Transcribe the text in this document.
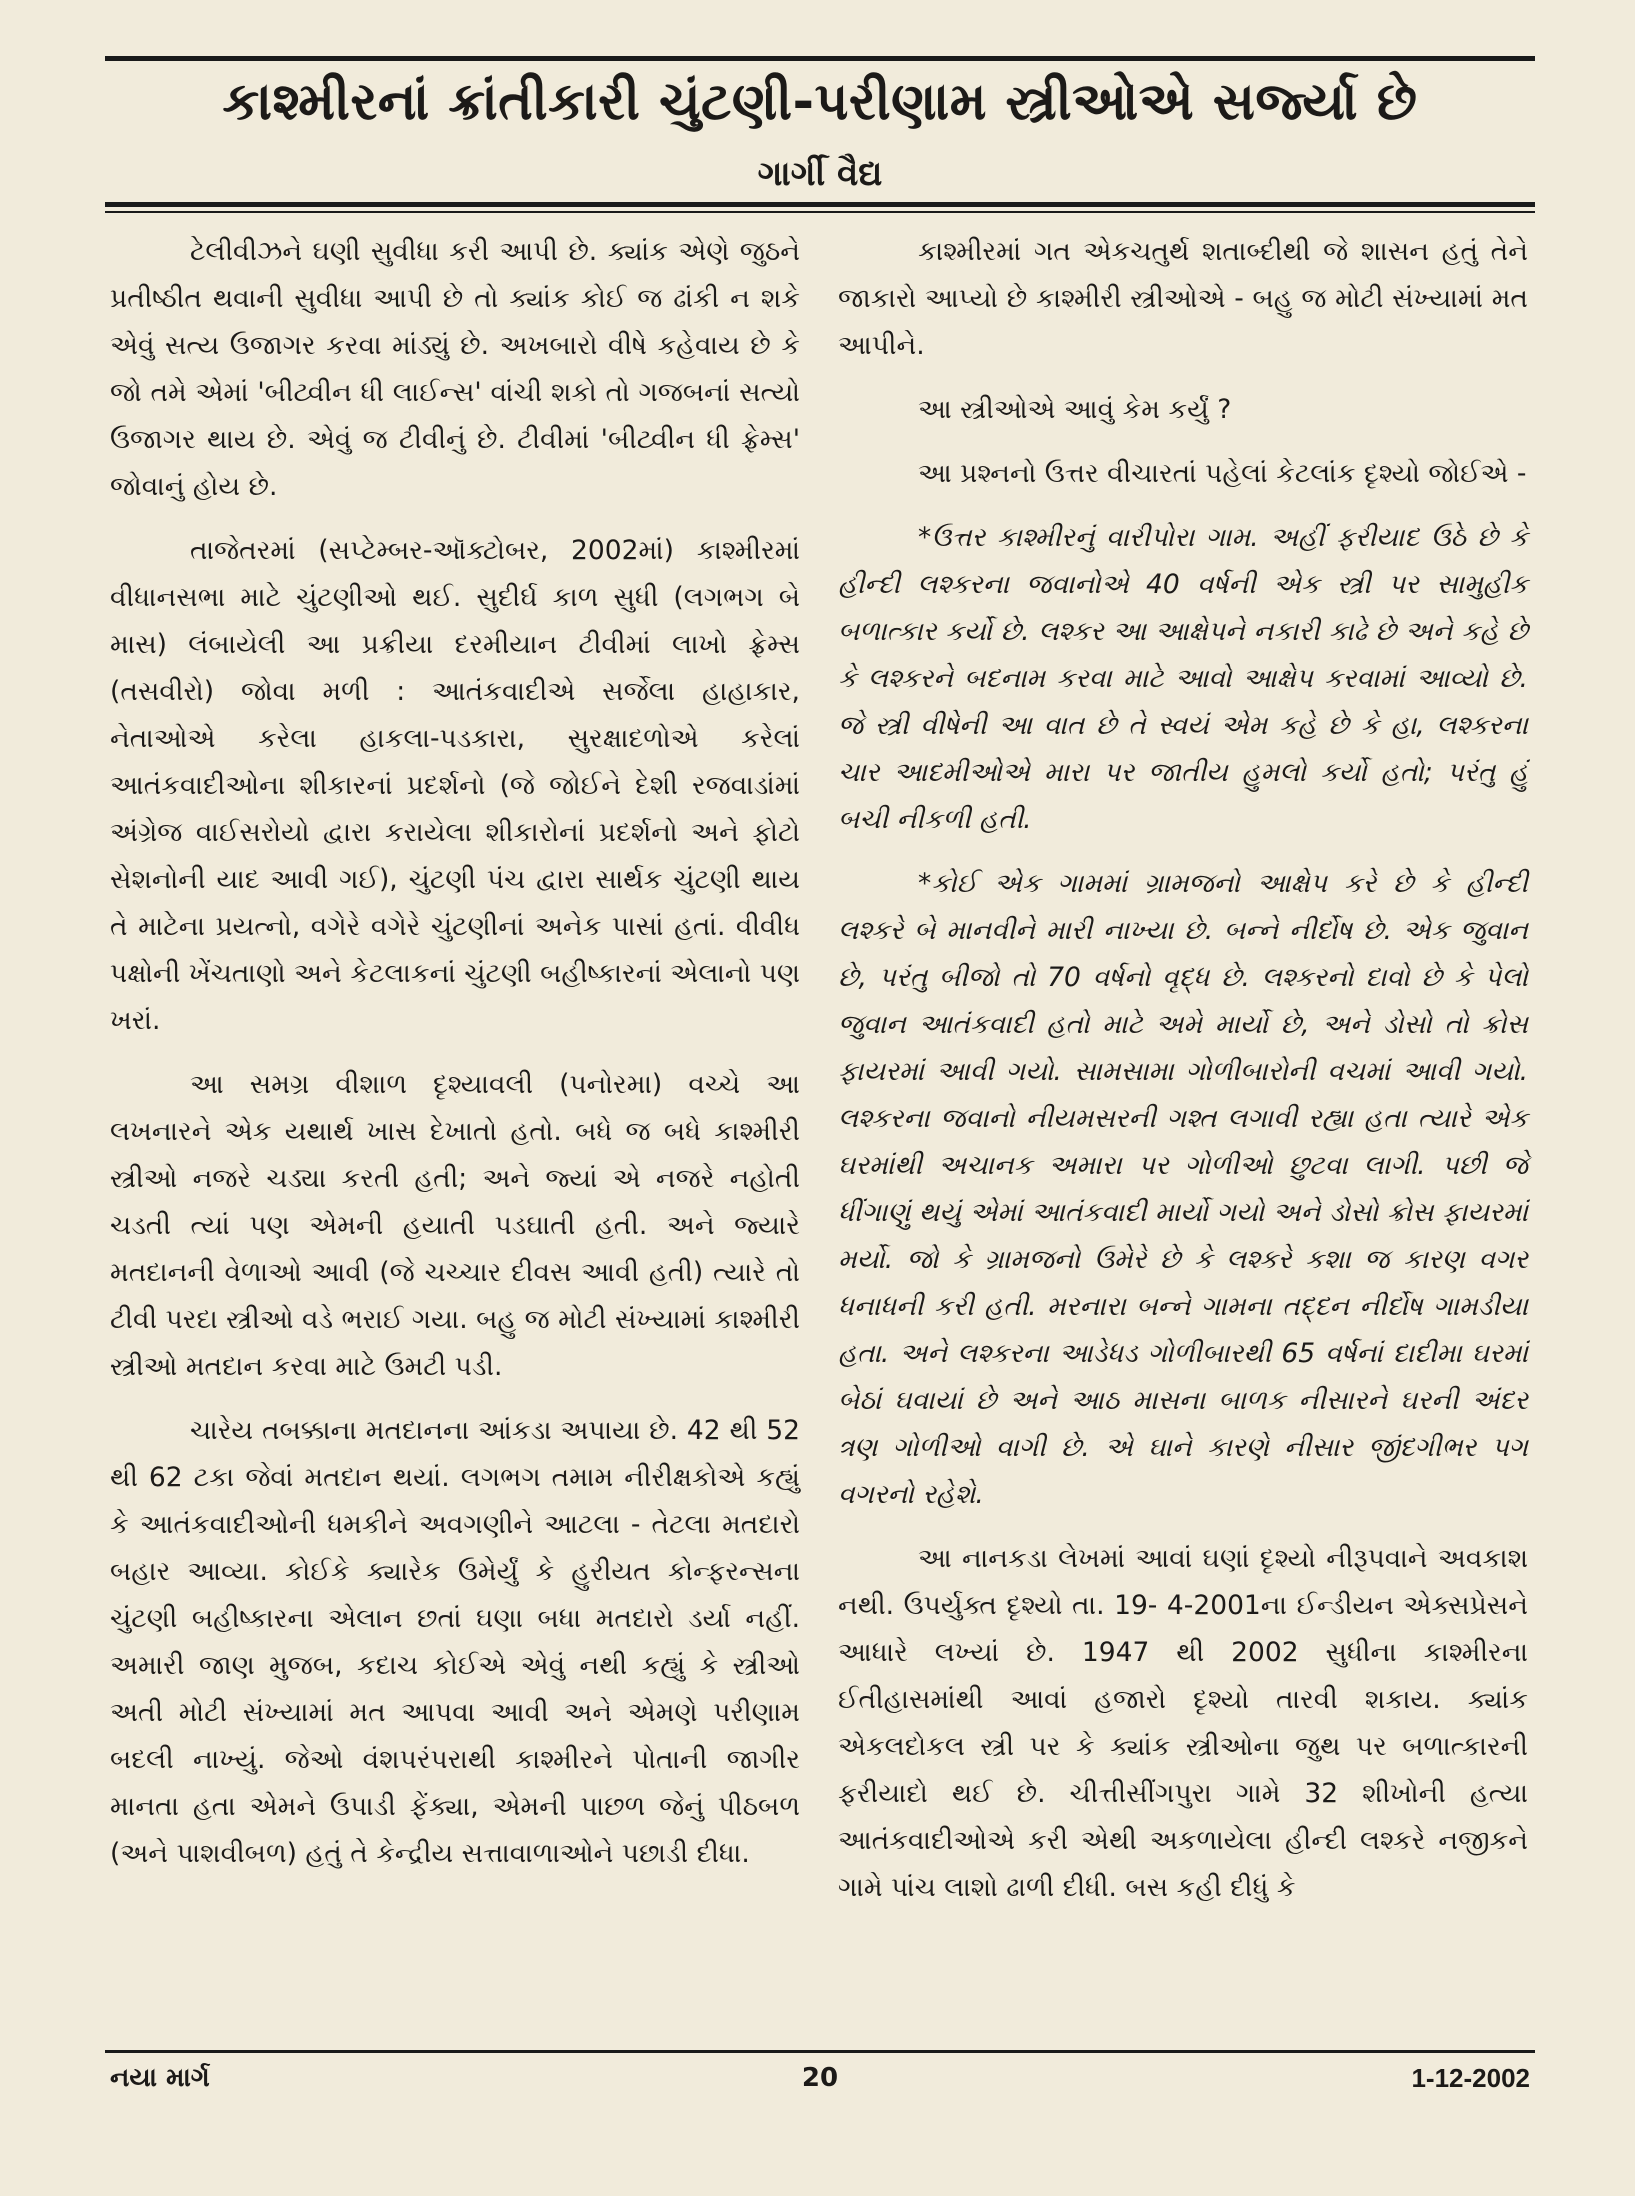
કાશ્મીરનાં ક્રાંતીકારી ચુંટણી-પરીણામ સ્ત્રીઓએ સર્જ્યા છે
ગાર્ગી વૈદ્ય

ટેલીવીઝને ઘણી સુવીધા કરી આપી છે. ક્યાંક એણે જુઠને પ્રતીષ્ઠીત થવાની સુવીધા આપી છે તો ક્યાંક કોઈ જ ઢાંકી ન શકે એવું સત્ય ઉજાગર કરવા માંડ્યું છે. અખબારો વીષે કહેવાય છે કે જો તમે એમાં 'બીટ્વીન ધી લાઈન્સ' વાંચી શકો તો ગજબનાં સત્યો ઉજાગર થાય છે. એવું જ ટીવીનું છે. ટીવીમાં 'બીટ્વીન ધી ફ્રેમ્સ' જોવાનું હોય છે.

તાજેતરમાં (સપ્ટેમ્બર-ઑક્ટોબર, 2002માં) કાશ્મીરમાં વીધાનસભા માટે ચુંટણીઓ થઈ. સુદીર્ઘ કાળ સુધી (લગભગ બે માસ) લંબાયેલી આ પ્રક્રીયા દરમીયાન ટીવીમાં લાખો ફ્રેમ્સ (તસવીરો) જોવા મળી : આતંકવાદીએ સર્જેલા હાહાકાર, નેતાઓએ કરેલા હાકલા-પડકારા, સુરક્ષાદળોએ કરેલાં આતંકવાદીઓના શીકારનાં પ્રદર્શનો (જે જોઈને દેશી રજવાડાંમાં અંગ્રેજ વાઈસરોયો દ્વારા કરાયેલા શીકારોનાં પ્રદર્શનો અને ફોટો સેશનોની યાદ આવી ગઈ), ચુંટણી પંચ દ્વારા સાર્થક ચુંટણી થાય તે માટેના પ્રયત્નો, વગેરે વગેરે ચુંટણીનાં અનેક પાસાં હતાં. વીવીધ પક્ષોની ખેંચતાણો અને કેટલાકનાં ચુંટણી બહીષ્કારનાં એલાનો પણ ખરાં.

આ સમગ્ર વીશાળ દૃશ્યાવલી (પનોરમા) વચ્ચે આ લખનારને એક યથાર્થ ખાસ દેખાતો હતો. બધે જ બધે કાશ્મીરી સ્ત્રીઓ નજરે ચડ્યા કરતી હતી; અને જ્યાં એ નજરે નહોતી ચડતી ત્યાં પણ એમની હયાતી પડઘાતી હતી. અને જ્યારે મતદાનની વેળાઓ આવી (જે ચચ્ચાર દીવસ આવી હતી) ત્યારે તો ટીવી પરદા સ્ત્રીઓ વડે ભરાઈ ગયા. બહુ જ મોટી સંખ્યામાં કાશ્મીરી સ્ત્રીઓ મતદાન કરવા માટે ઉમટી પડી.

ચારેય તબક્કાના મતદાનના આંકડા અપાયા છે. 42 થી 52 થી 62 ટકા જેવાં મતદાન થયાં. લગભગ તમામ નીરીક્ષકોએ કહ્યું કે આતંકવાદીઓની ધમકીને અવગણીને આટલા - તેટલા મતદારો બહાર આવ્યા. કોઈકે ક્યારેક ઉમેર્યું કે હુરીયત કોન્ફરન્સના ચુંટણી બહીષ્કારના એલાન છતાં ઘણા બધા મતદારો ડર્યા નહીં. અમારી જાણ મુજબ, કદાચ કોઈએ એવું નથી કહ્યું કે સ્ત્રીઓ અતી મોટી સંખ્યામાં મત આપવા આવી અને એમણે પરીણામ બદલી નાખ્યું. જેઓ વંશપરંપરાથી કાશ્મીરને પોતાની જાગીર માનતા હતા એમને ઉપાડી ફેંક્યા, એમની પાછળ જેનું પીઠબળ (અને પાશવીબળ) હતું તે કેન્દ્રીય સત્તાવાળાઓને પછાડી દીધા.

કાશ્મીરમાં ગત એકચતુર્થ શતાબ્દીથી જે શાસન હતું તેને જાકારો આપ્યો છે કાશ્મીરી સ્ત્રીઓએ - બહુ જ મોટી સંખ્યામાં મત આપીને.

આ સ્ત્રીઓએ આવું કેમ કર્યું ?

આ પ્રશ્નનો ઉત્તર વીચારતાં પહેલાં કેટલાંક દૃશ્યો જોઈએ -

*ઉત્તર કાશ્મીરનું વારીપોરા ગામ. અહીં ફરીયાદ ઉઠે છે કે હીન્દી લશ્કરના જવાનોએ 40 વર્ષની એક સ્ત્રી પર સામુહીક બળાત્કાર કર્યો છે. લશ્કર આ આક્ષેપને નકારી કાઢે છે અને કહે છે કે લશ્કરને બદનામ કરવા માટે આવો આક્ષેપ કરવામાં આવ્યો છે. જે સ્ત્રી વીષેની આ વાત છે તે સ્વયં એમ કહે છે કે હા, લશ્કરના ચાર આદમીઓએ મારા પર જાતીય હુમલો કર્યો હતો; પરંતુ હું બચી નીકળી હતી.

*કોઈ એક ગામમાં ગ્રામજનો આક્ષેપ કરે છે કે હીન્દી લશ્કરે બે માનવીને મારી નાખ્યા છે. બન્ને નીર્દોષ છે. એક જુવાન છે, પરંતુ બીજો તો 70 વર્ષનો વૃદ્ધ છે. લશ્કરનો દાવો છે કે પેલો જુવાન આતંકવાદી હતો માટે અમે માર્યો છે, અને ડોસો તો ક્રોસ ફાયરમાં આવી ગયો. સામસામા ગોળીબારોની વચમાં આવી ગયો. લશ્કરના જવાનો નીયમસરની ગશ્ત લગાવી રહ્યા હતા ત્યારે એક ઘરમાંથી અચાનક અમારા પર ગોળીઓ છુટવા લાગી. પછી જે ધીંગાણું થયું એમાં આતંકવાદી માર્યો ગયો અને ડોસો ક્રોસ ફાયરમાં મર્યો. જો કે ગ્રામજનો ઉમેરે છે કે લશ્કરે કશા જ કારણ વગર ધનાધની કરી હતી. મરનારા બન્ને ગામના તદ્દન નીર્દોષ ગામડીયા હતા. અને લશ્કરના આડેધડ ગોળીબારથી 65 વર્ષનાં દાદીમા ઘરમાં બેઠાં ઘવાયાં છે અને આઠ માસના બાળક નીસારને ઘરની અંદર ત્રણ ગોળીઓ વાગી છે. એ ઘાને કારણે નીસાર જીંદગીભર પગ વગરનો રહેશે.

આ નાનકડા લેખમાં આવાં ઘણાં દૃશ્યો નીરૂપવાને અવકાશ નથી. ઉપર્યુક્ત દૃશ્યો તા. 19- 4-2001ના ઈન્ડીયન એક્સપ્રેસને આધારે લખ્યાં છે. 1947 થી 2002 સુધીના કાશ્મીરના ઈતીહાસમાંથી આવાં હજારો દૃશ્યો તારવી શકાય. ક્યાંક એકલદોકલ સ્ત્રી પર કે ક્યાંક સ્ત્રીઓના જુથ પર બળાત્કારની ફરીયાદો થઈ છે. ચીત્તીસીંગપુરા ગામે 32 શીખોની હત્યા આતંકવાદીઓએ કરી એથી અકળાયેલા હીન્દી લશ્કરે નજીકને ગામે પાંચ લાશો ઢાળી દીધી. બસ કહી દીધું કે

નયા માર્ગ	20	1-12-2002
